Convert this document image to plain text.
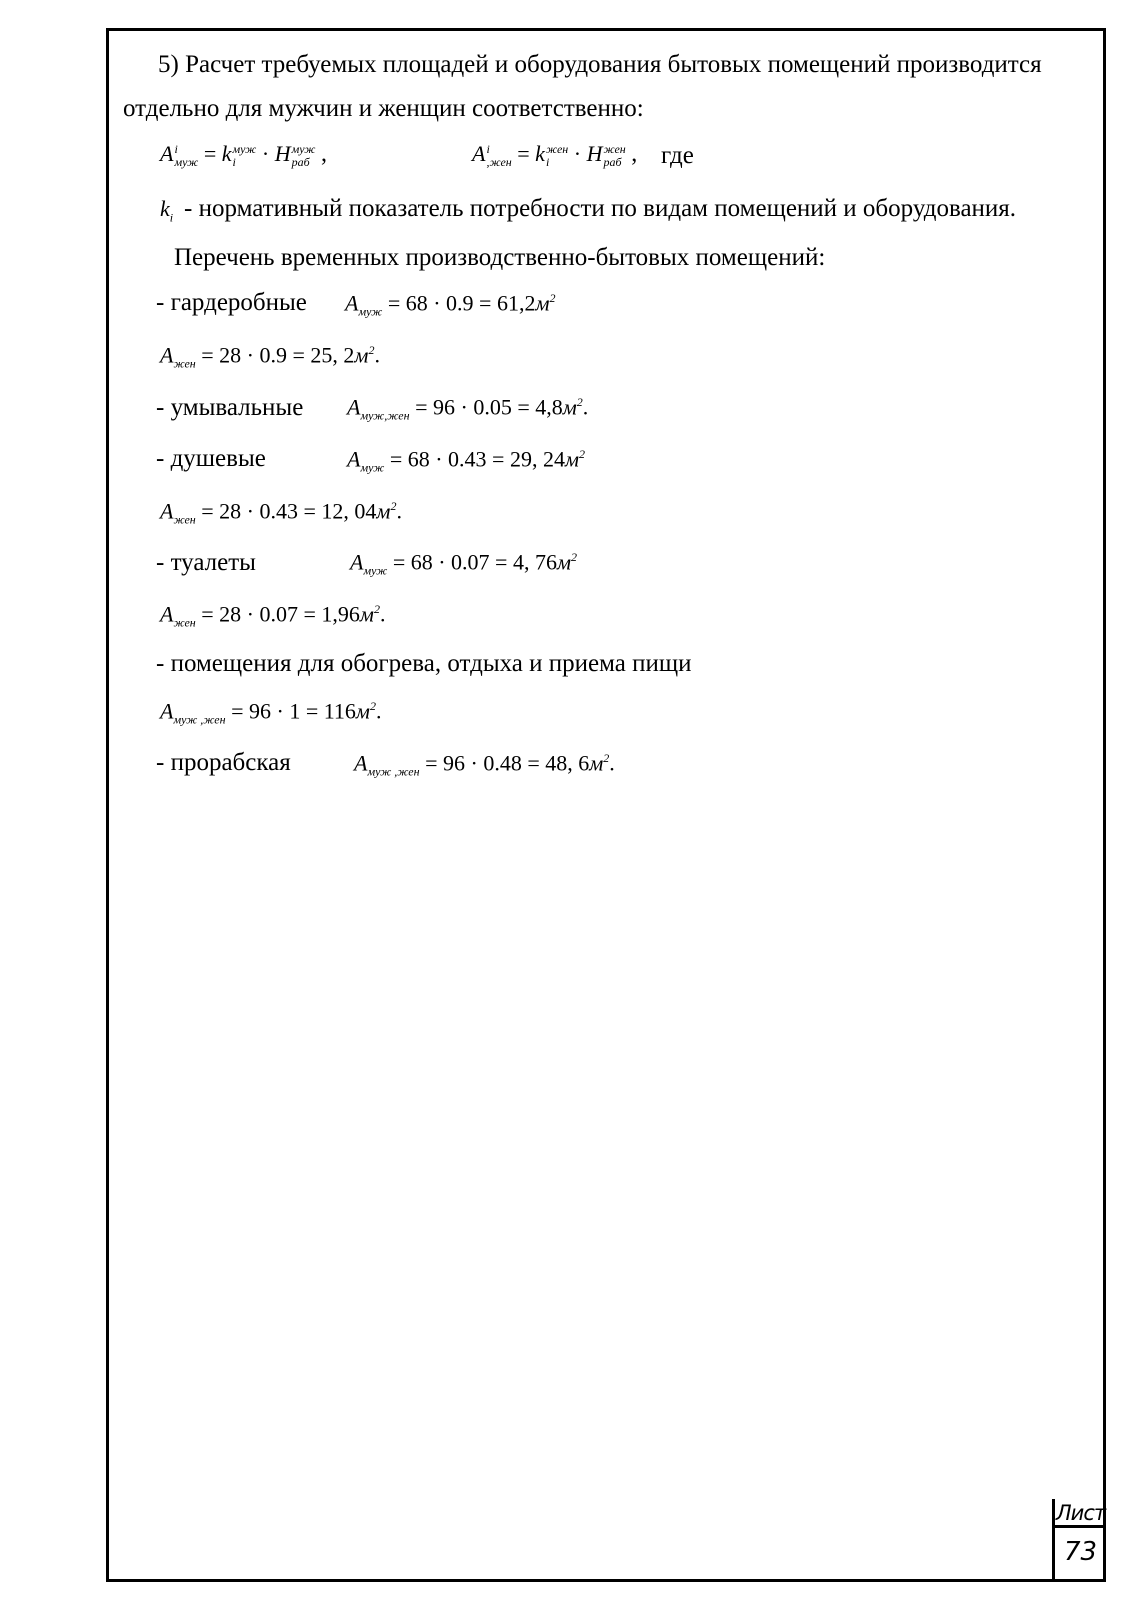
5) Расчет требуемых площадей и оборудования бытовых помещений производится
отдельно для мужчин и женщин соответственно:
A i
муж = k муж
i	· H муж
раб ,	A i
,жен = k жен
i	· H жен
раб , где
$k_i$ - нормативный показатель потребности по видам помещений и оборудования.
Перечень временных производственно-бытовых помещений:
- гардеробные $A_{муж} = 68 \cdot 0.9 = 61,2м^2$
$A_{жен} = 28 \cdot 0.9 = 25$, $2м^2$.
- умывальные $A_{муж,жен} = 96 \cdot 0.05 = 4,8м^2$.
- душевые	$A_{муж} = 68 \cdot 0.43 = 29$, $24м^2$
$A_{жен} = 28 \cdot 0.43 = 12$, $04м^2$.
- туалеты	$A_{муж} = 68 \cdot 0.07 = 4$, $76м^2$
$A_{жен} = 28 \cdot 0.07 = 1,96м^2$.
- помещения для обогрева, отдыха и приема пищи
$A_{муж ,жен} = 96 \cdot 1 = 116м^2$.
- прорабская	$A_{муж ,жен} = 96 \cdot 0.48 = 48$, $6м^2$.
Лист
73
